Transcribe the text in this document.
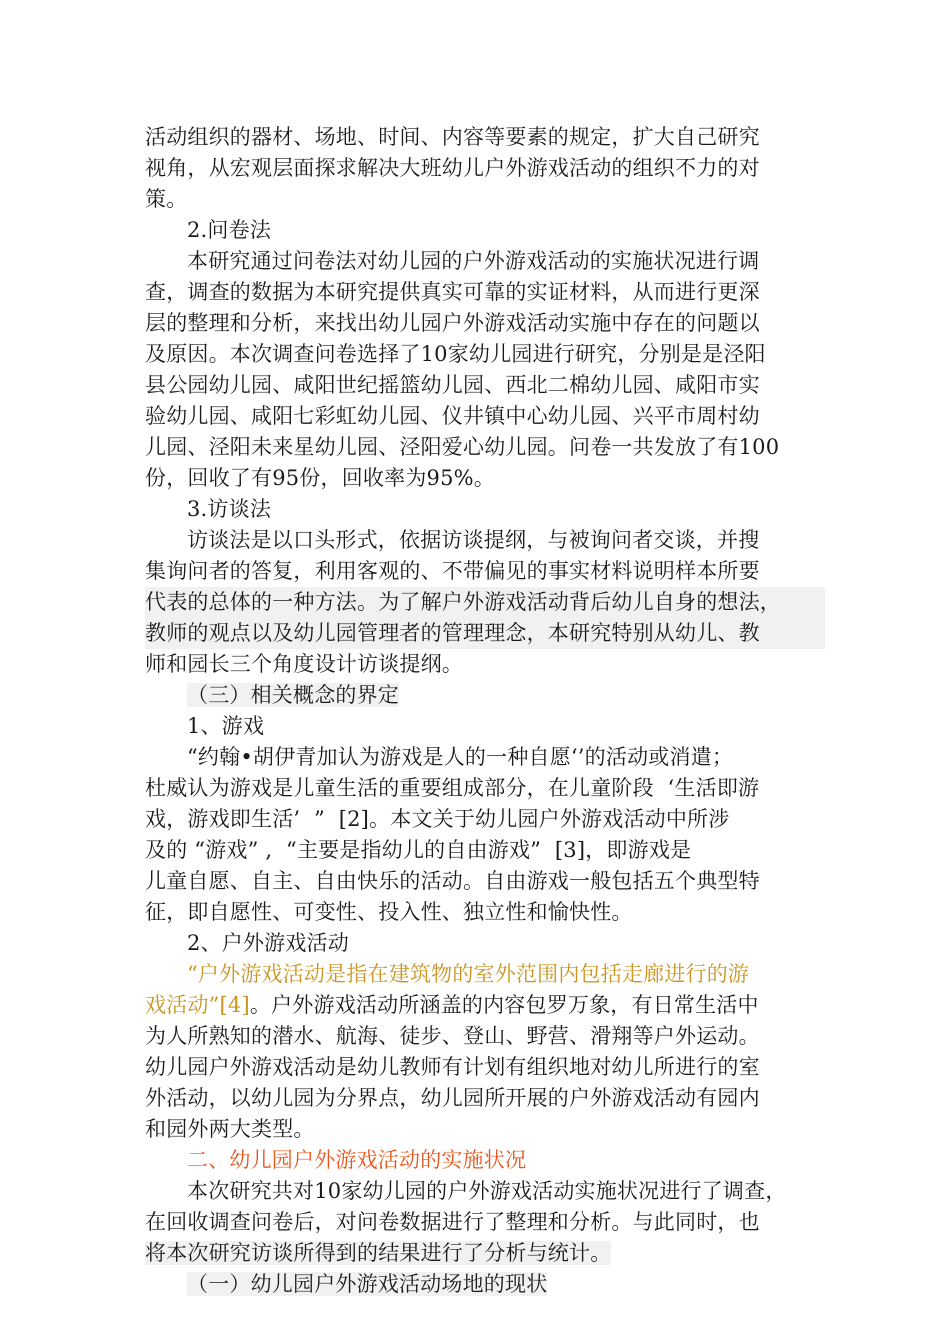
活动组织的器材、场地、时间、内容等要素的规定，扩大自己研究
视角，从宏观层面探求解决大班幼儿户外游戏活动的组织不力的对
策。
2.问卷法
本研究通过问卷法对幼儿园的户外游戏活动的实施状况进行调
查，调查的数据为本研究提供真实可靠的实证材料，从而进行更深
层的整理和分析，来找出幼儿园户外游戏活动实施中存在的问题以
及原因。本次调查问卷选择了10家幼儿园进行研究，分别是是泾阳
县公园幼儿园、咸阳世纪摇篮幼儿园、西北二棉幼儿园、咸阳市实
验幼儿园、咸阳七彩虹幼儿园、仪井镇中心幼儿园、兴平市周村幼
儿园、泾阳未来星幼儿园、泾阳爱心幼儿园。问卷一共发放了有100
份，回收了有95份，回收率为95%。
3.访谈法
访谈法是以口头形式，依据访谈提纲，与被询问者交谈，并搜
集询问者的答复，利用客观的、不带偏见的事实材料说明样本所要
代表的总体的一种方法。为了解户外游戏活动背后幼儿自身的想法，
教师的观点以及幼儿园管理者的管理理念，本研究特别从幼儿、教
师和园长三个角度设计访谈提纲。
（三）相关概念的界定
1、游戏
“约翰•胡伊青加认为游戏是人的一种自愿‘’的活动或消遣；
杜威认为游戏是儿童生活的重要组成部分，在儿童阶段  ‘生活即游
戏，游戏即生活’  ”  [2]。本文关于幼儿园户外游戏活动中所涉
及的 “游戏” ,  “主要是指幼儿的自由游戏”  [3]，即游戏是
儿童自愿、自主、自由快乐的活动。自由游戏一般包括五个典型特
征，即自愿性、可变性、投入性、独立性和愉快性。
2、户外游戏活动
“户外游戏活动是指在建筑物的室外范围内包括走廊进行的游
戏活动”[4]。户外游戏活动所涵盖的内容包罗万象，有日常生活中
为人所熟知的潜水、航海、徒步、登山、野营、滑翔等户外运动。
幼儿园户外游戏活动是幼儿教师有计划有组织地对幼儿所进行的室
外活动，以幼儿园为分界点，幼儿园所开展的户外游戏活动有园内
和园外两大类型。
二、幼儿园户外游戏活动的实施状况
本次研究共对10家幼儿园的户外游戏活动实施状况进行了调查，
在回收调查问卷后，对问卷数据进行了整理和分析。与此同时，也
将本次研究访谈所得到的结果进行了分析与统计。
（一）幼儿园户外游戏活动场地的现状
